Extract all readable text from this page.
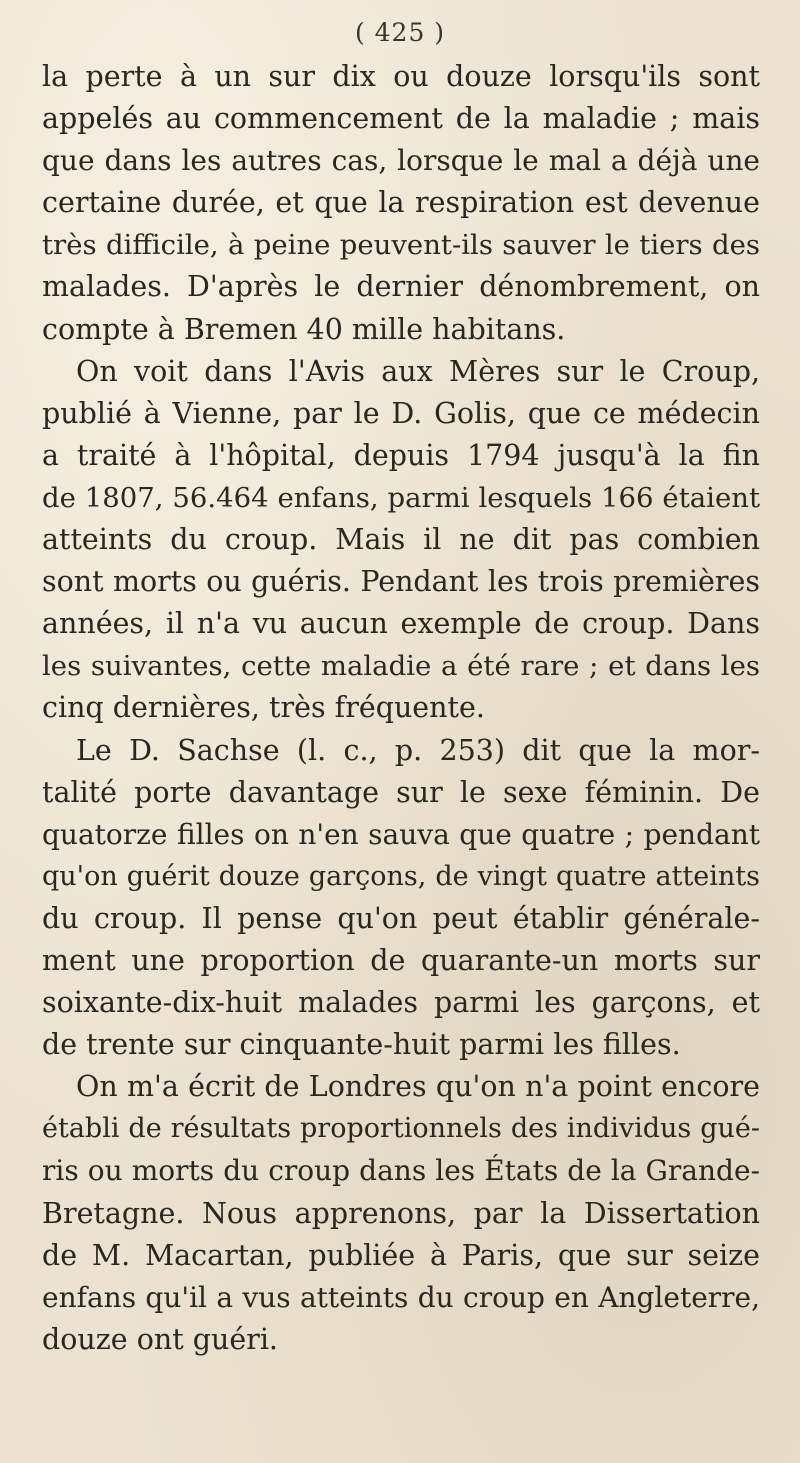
( 425 )
la perte à un sur dix ou douze lorsqu'ils sont
appelés au commencement de la maladie ; mais
que dans les autres cas, lorsque le mal a déjà une
certaine durée, et que la respiration est devenue
très difficile, à peine peuvent-ils sauver le tiers des
malades. D'après le dernier dénombrement, on
compte à Bremen 40 mille habitans.
On voit dans l'Avis aux Mères sur le Croup,
publié à Vienne, par le D. Golis, que ce médecin
a traité à l'hôpital, depuis 1794 jusqu'à la fin
de 1807, 56.464 enfans, parmi lesquels 166 étaient
atteints du croup. Mais il ne dit pas combien
sont morts ou guéris. Pendant les trois premières
années, il n'a vu aucun exemple de croup. Dans
les suivantes, cette maladie a été rare ; et dans les
cinq dernières, très fréquente.
Le D. Sachse (l. c., p. 253) dit que la mor-
talité porte davantage sur le sexe féminin. De
quatorze filles on n'en sauva que quatre ; pendant
qu'on guérit douze garçons, de vingt quatre atteints
du croup. Il pense qu'on peut établir générale-
ment une proportion de quarante-un morts sur
soixante-dix-huit malades parmi les garçons, et
de trente sur cinquante-huit parmi les filles.
On m'a écrit de Londres qu'on n'a point encore
établi de résultats proportionnels des individus gué-
ris ou morts du croup dans les États de la Grande-
Bretagne. Nous apprenons, par la Dissertation
de M. Macartan, publiée à Paris, que sur seize
enfans qu'il a vus atteints du croup en Angleterre,
douze ont guéri.
